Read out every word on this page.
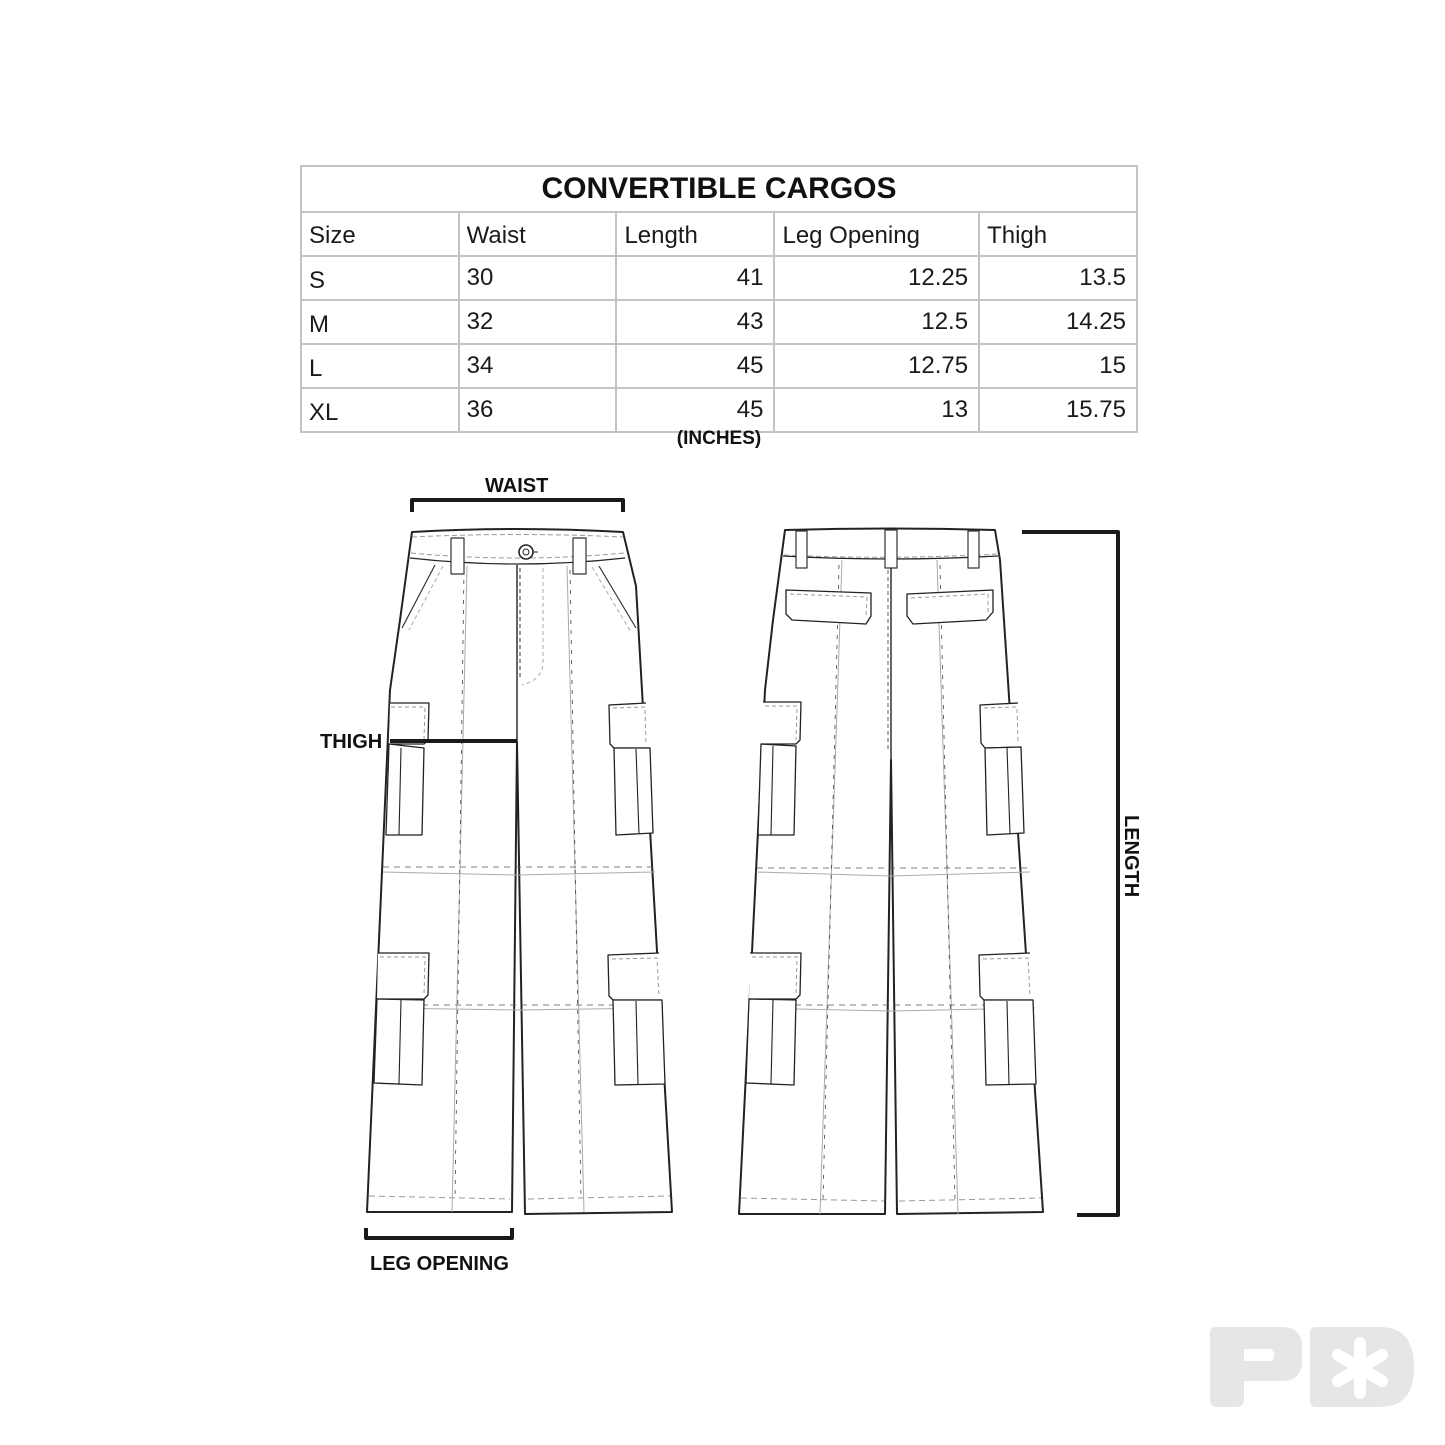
CONVERTIBLE CARGOS				
Size	Waist	Length	Leg Opening	Thigh
S	30	41	12.25	13.5
M	32	43	12.5	14.25
L	34	45	12.75	15
XL	36	45	13	15.75
(INCHES)
WAIST
THIGH
LEG OPENING
LENGTH
